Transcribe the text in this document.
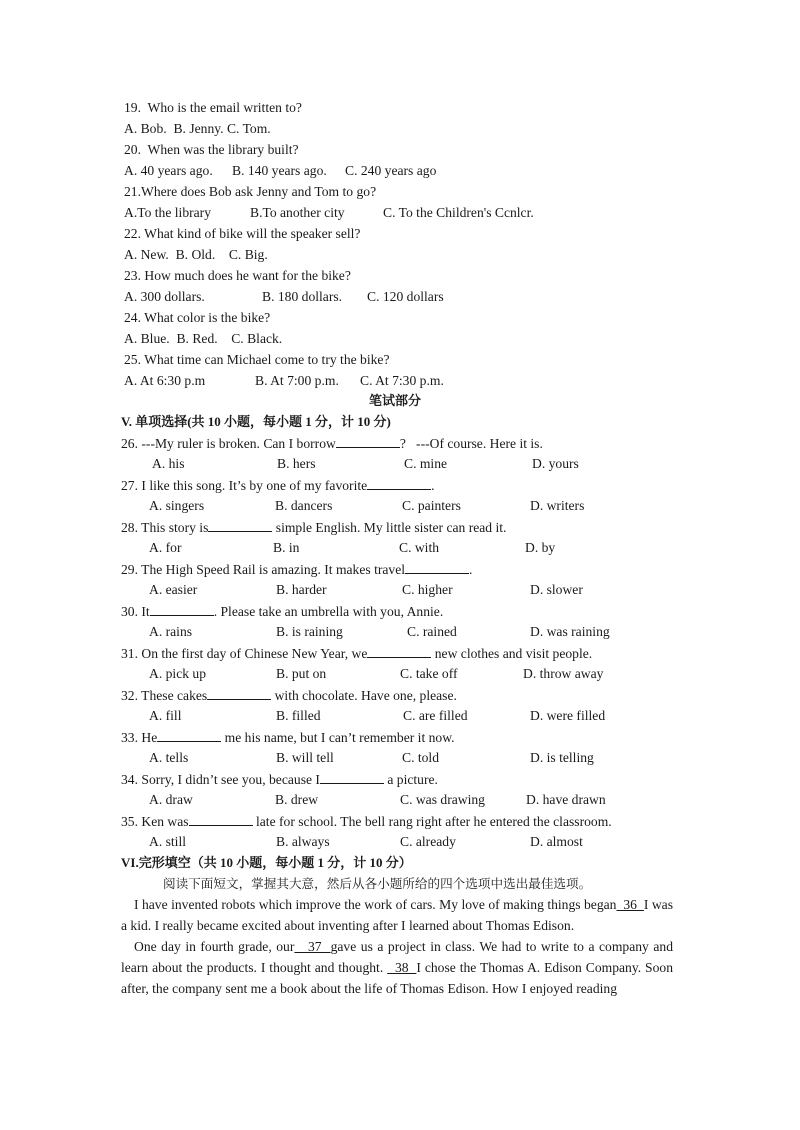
19.  Who is the email written to?
A. Bob.  B. Jenny. C. Tom.
20.  When was the library built?
A. 40 years ago. B. 140 years ago. C. 240 years ago
21.Where does Bob ask Jenny and Tom to go?
A.To the library	B.To another city	C. To the Children's Ccnlcr.
22. What kind of bike will the speaker sell?
A. New.  B. Old.    C. Big.
23. How much does he want for the bike?
A. 300 dollars.	B. 180 dollars. C. 120 dollars
24. What color is the bike?
A. Blue.  B. Red.    C. Black.
25. What time can Michael come to try the bike?
A. At 6:30 p.m	B. At 7:00 p.m. C. At 7:30 p.m.
笔试部分
V. 单项选择(共 10 小题，每小题 1 分，计 10 分)
26. ---My ruler is broken. Can I borrow	?   ---Of course. Here it is.
A. his	B. hers	C. mine	D. yours
27. I like this song. It’s by one of my favorite	.
A. singers	B. dancers	C. painters	D. writers
28. This story is	simple English. My little sister can read it.
A. for	B. in	C. with	D. by
29. The High Speed Rail is amazing. It makes travel	.
A. easier	B. harder	C. higher	D. slower
30. It	. Please take an umbrella with you, Annie.
A. rains	B. is raining	C. rained	D. was raining
31. On the first day of Chinese New Year, we	new clothes and visit people.
A. pick up	B. put on	C. take off	D. throw away
32. These cakes	with chocolate. Have one, please.
A. fill	B. filled	C. are filled	D. were filled
33. He	me his name, but I can’t remember it now.
A. tells	B. will tell	C. told	D. is telling
34. Sorry, I didn’t see you, because I	a picture.
A. draw	B. drew	C. was drawing	D. have drawn
35. Ken was	late for school. The bell rang right after he entered the classroom.
A. still	B. always	C. already	D. almost
VI.完形填空（共 10 小题，每小题 1 分，计 10 分）
阅读下面短文，掌握其大意，然后从各小题所给的四个选项中选出最佳选项。
I have invented robots which improve the work of cars. My love of making things began  36  I was a kid. I really became excited about inventing after I learned about Thomas Edison.
One day in fourth grade, our   37  gave us a project in class. We had to write to a company and learn about the products. I thought and thought.   38  I chose the Thomas A. Edison Company. Soon after, the company sent me a book about the life of Thomas Edison. How I enjoyed reading
